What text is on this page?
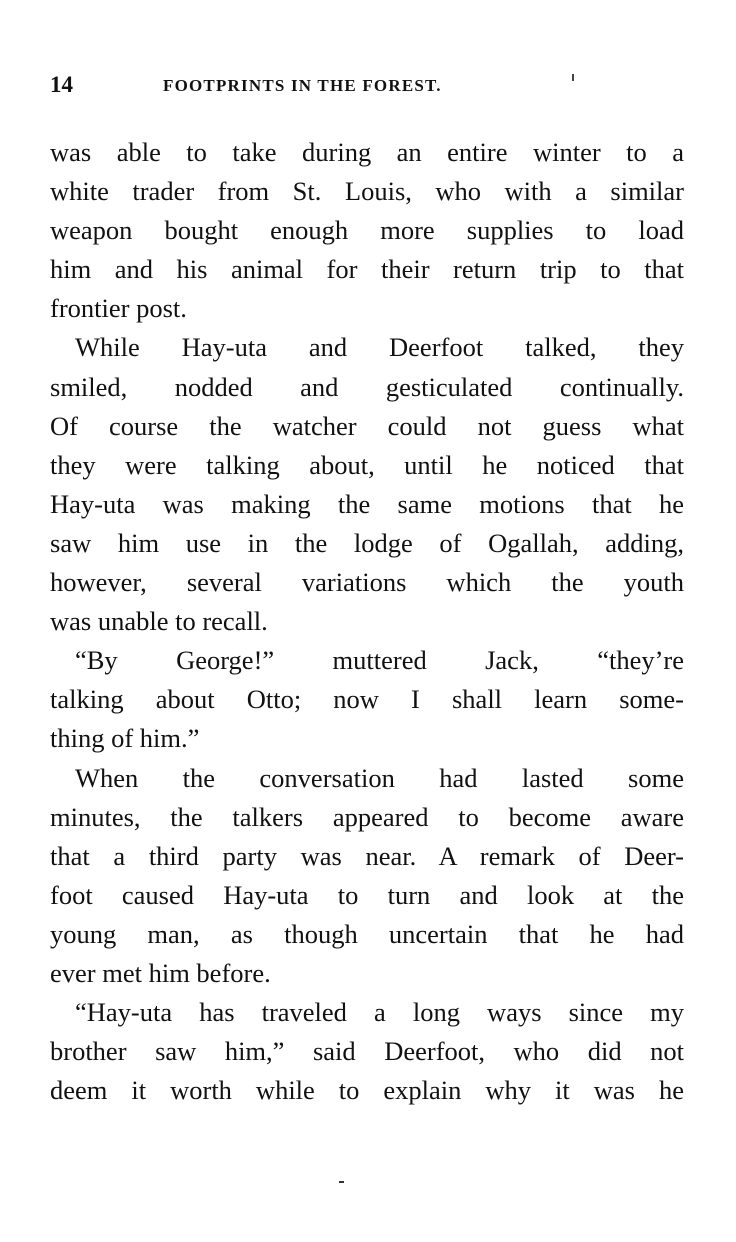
14	FOOTPRINTS IN THE FOREST.
was able to take during an entire winter to a
white trader from St. Louis, who with a similar
weapon bought enough more supplies to load
him and his animal for their return trip to that
frontier post.
While Hay-uta and Deerfoot talked, they
smiled, nodded and gesticulated continually.
Of course the watcher could not guess what
they were talking about, until he noticed that
Hay-uta was making the same motions that he
saw him use in the lodge of Ogallah, adding,
however, several variations which the youth
was unable to recall.
“By George!” muttered Jack, “they’re
talking about Otto; now I shall learn some-
thing of him.”
When the conversation had lasted some
minutes, the talkers appeared to become aware
that a third party was near. A remark of Deer-
foot caused Hay-uta to turn and look at the
young man, as though uncertain that he had
ever met him before.
“Hay-uta has traveled a long ways since my
brother saw him,” said Deerfoot, who did not
deem it worth while to explain why it was he
